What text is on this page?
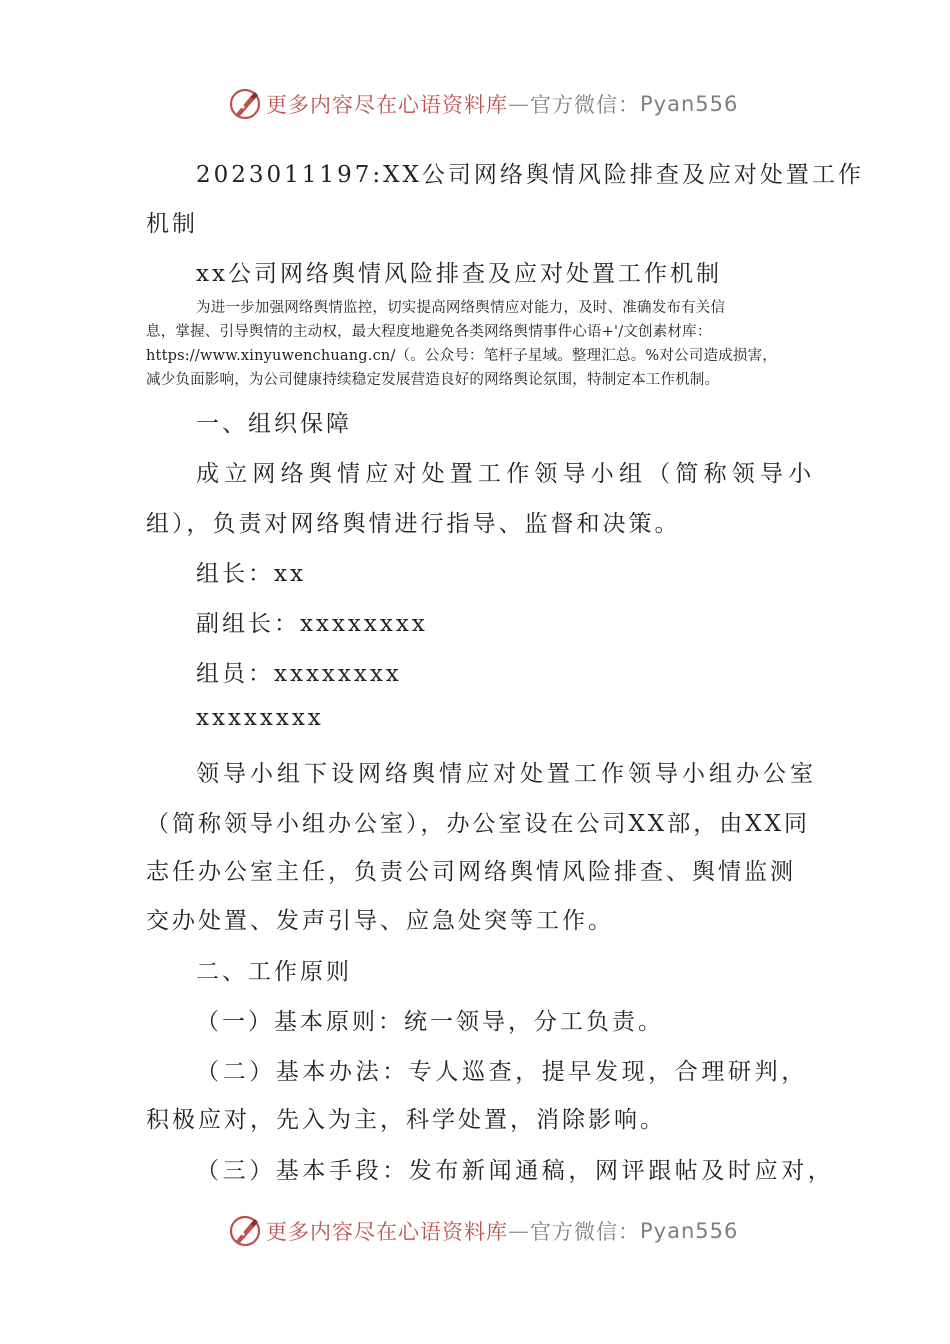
更多内容尽在心语资料库 — 官方微信： Pyan556
2023011197:XX公司网络舆情风险排查及应对处置工作
机制
xx公司网络舆情风险排查及应对处置工作机制
为进一步加强网络舆情监控，切实提高网络舆情应对能力，及时、准确发布有关信
息，掌握、引导舆情的主动权，最大程度地避免各类网络舆情事件心语+'/文创素材库：
https://www.xinyuwenchuang.cn/（。公众号：笔杆子星域。整理汇总。%对公司造成损害，
减少负面影响，为公司健康持续稳定发展营造良好的网络舆论氛围，特制定本工作机制。
一、组织保障
成立网络舆情应对处置工作领导小组（简称领导小
组），负责对网络舆情进行指导、监督和决策。
组长：xx
副组长：xxxxxxxx
组员：xxxxxxxx
xxxxxxxx
领导小组下设网络舆情应对处置工作领导小组办公室
（简称领导小组办公室），办公室设在公司XX部，由XX同
志任办公室主任，负责公司网络舆情风险排查、舆情监测
交办处置、发声引导、应急处突等工作。
二、工作原则
（一）基本原则：统一领导，分工负责。
（二）基本办法：专人巡查，提早发现，合理研判，
积极应对，先入为主，科学处置，消除影响。
（三）基本手段：发布新闻通稿，网评跟帖及时应对，
更多内容尽在心语资料库 — 官方微信： Pyan556
